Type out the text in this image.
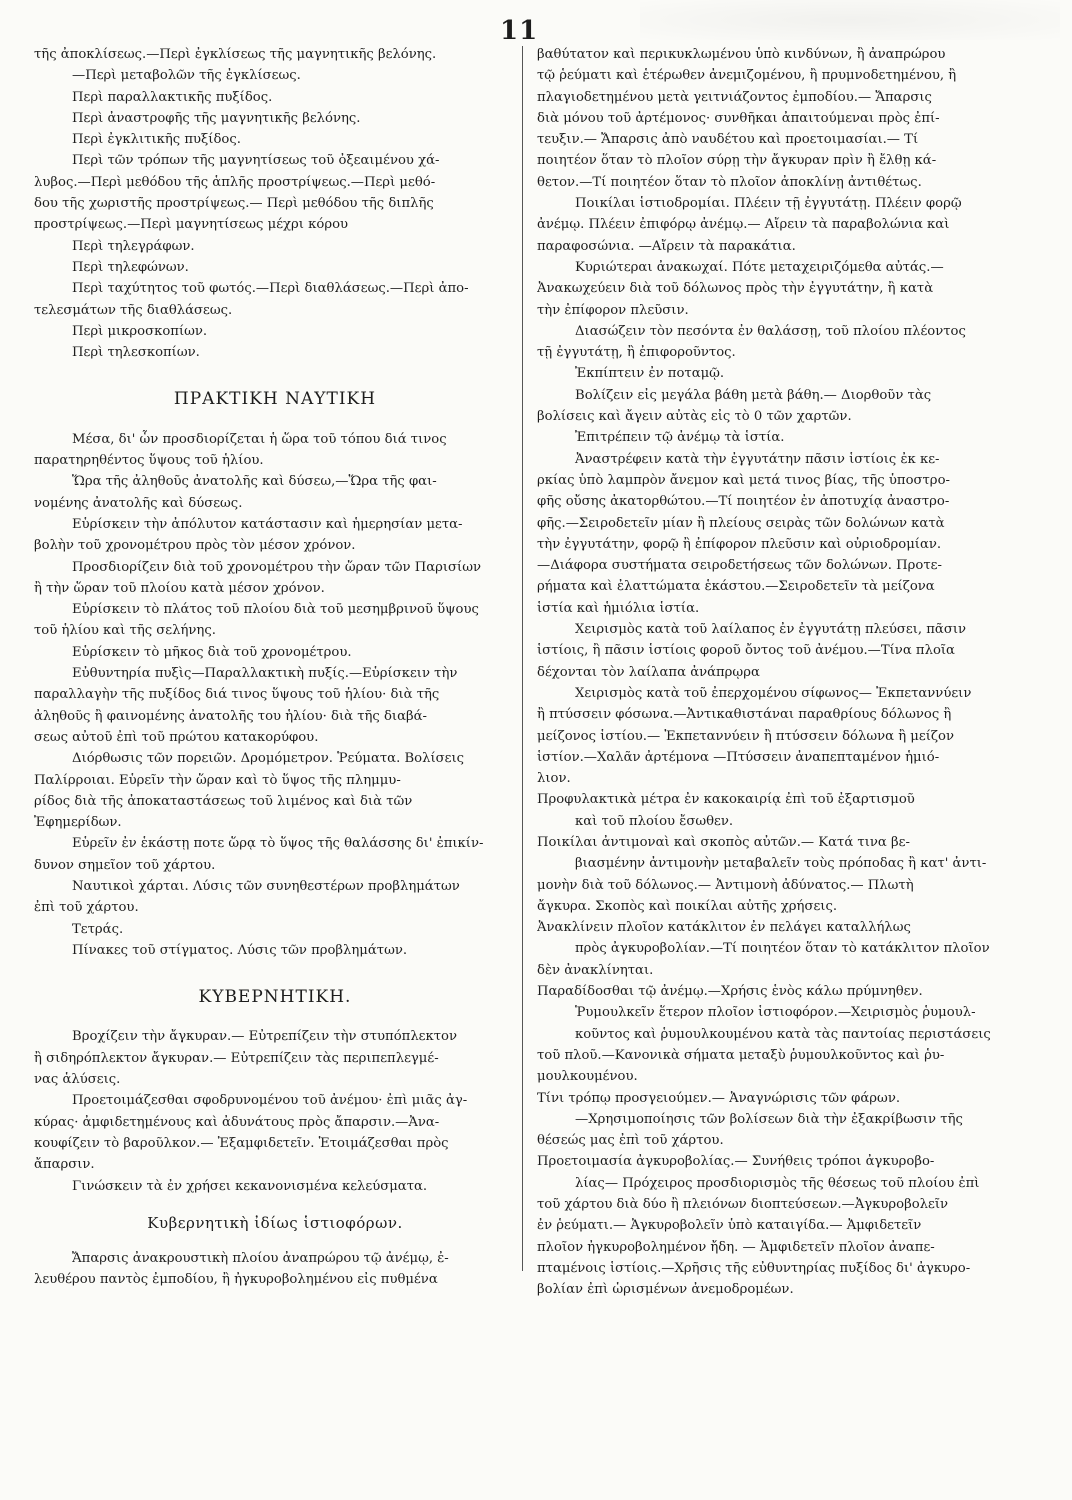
11
τῆς ἀποκλίσεως.—Περὶ ἐγκλίσεως τῆς μαγνητικῆς βελόνης.
—Περὶ μεταβολῶν τῆς ἐγκλίσεως.
Περὶ παραλλακτικῆς πυξίδος.
Περὶ ἀναστροφῆς τῆς μαγνητικῆς βελόνης.
Περὶ ἐγκλιτικῆς πυξίδος.
Περὶ τῶν τρόπων τῆς μαγνητίσεως τοῦ ὀξεαιμένου χά-
λυβος.—Περὶ μεθόδου τῆς ἁπλῆς προστρίψεως.—Περὶ μεθό-
δου τῆς χωριστῆς προστρίψεως.— Περὶ μεθόδου τῆς διπλῆς
προστρίψεως.—Περὶ μαγνητίσεως μέχρι κόρου
Περὶ τηλεγράφων.
Περὶ τηλεφώνων.
Περὶ ταχύτητος τοῦ φωτός.—Περὶ διαθλάσεως.—Περὶ ἀπο-
τελεσμάτων τῆς διαθλάσεως.
Περὶ μικροσκοπίων.
Περὶ τηλεσκοπίων.
ΠΡΑΚΤΙΚΗ ΝΑΥΤΙΚΗ
Μέσα, δι' ὧν προσδιορίζεται ἡ ὥρα τοῦ τόπου διά τινος
παρατηρηθέντος ὕψους τοῦ ἡλίου.
Ὥρα τῆς ἀληθοῦς ἀνατολῆς καὶ δύσεω,—Ὥρα τῆς φαι-
νομένης ἀνατολῆς καὶ δύσεως.
Εὑρίσκειν τὴν ἀπόλυτον κατάστασιν καὶ ἡμερησίαν μετα-
βολὴν τοῦ χρονομέτρου πρὸς τὸν μέσον χρόνον.
Προσδιορίζειν διὰ τοῦ χρονομέτρου τὴν ὥραν τῶν Παρισίων
ἢ τὴν ὥραν τοῦ πλοίου κατὰ μέσον χρόνον.
Εὑρίσκειν τὸ πλάτος τοῦ πλοίου διὰ τοῦ μεσημβρινοῦ ὕψους
τοῦ ἡλίου καὶ τῆς σελήνης.
Εὑρίσκειν τὸ μῆκος διὰ τοῦ χρονομέτρου.
Εὐθυντηρία πυξὶς—Παραλλακτικὴ πυξίς.—Εὑρίσκειν τὴν
παραλλαγὴν τῆς πυξίδος διά τινος ὕψους τοῦ ἡλίου· διὰ τῆς
ἀληθοῦς ἢ φαινομένης ἀνατολῆς του ἡλίου· διὰ τῆς διαβά-
σεως αὐτοῦ ἐπὶ τοῦ πρώτου κατακορύφου.
Διόρθωσις τῶν πορειῶν. Δρομόμετρον. Ῥεύματα. Βολίσεις
Παλίρροιαι. Εὑρεῖν τὴν ὥραν καὶ τὸ ὕψος τῆς πλημμυ-
ρίδος διὰ τῆς ἀποκαταστάσεως τοῦ λιμένος καὶ διὰ τῶν
Ἐφημερίδων.
Εὑρεῖν ἐν ἑκάστῃ ποτε ὥρᾳ τὸ ὕψος τῆς θαλάσσης δι' ἐπικίν-
δυνον σημεῖον τοῦ χάρτου.
Ναυτικοὶ χάρται. Λύσις τῶν συνηθεστέρων προβλημάτων
ἐπὶ τοῦ χάρτου.
Τετράς.
Πίνακες τοῦ στίγματος. Λύσις τῶν προβλημάτων.
ΚΥΒΕΡΝΗΤΙΚΗ.
Βροχίζειν τὴν ἄγκυραν.— Εὐτρεπίζειν τὴν στυπόπλεκτον
ἢ σιδηρόπλεκτον ἄγκυραν.— Εὐτρεπίζειν τὰς περιπεπλεγμέ-
νας ἁλύσεις.
Προετοιμάζεσθαι σφοδρυνομένου τοῦ ἀνέμου· ἐπὶ μιᾶς ἀγ-
κύρας· ἀμφιδετημένους καὶ ἀδυνάτους πρὸς ἄπαρσιν.—Ἀνα-
κουφίζειν τὸ βαροῦλκον.— Ἐξαμφιδετεῖν. Ἑτοιμάζεσθαι πρὸς
ἄπαρσιν.
Γινώσκειν τὰ ἐν χρήσει κεκανονισμένα κελεύσματα.
Κυβερνητικὴ ἰδίως ἱστιοφόρων.
Ἄπαρσις ἀνακρουστικὴ πλοίου ἀναπρώρου τῷ ἀνέμῳ, ἐ-
λευθέρου παντὸς ἐμποδίου, ἢ ἠγκυροβολημένου εἰς πυθμένα
βαθύτατον καὶ περικυκλωμένου ὑπὸ κινδύνων, ἢ ἀναπρώρου
τῷ ῥεύματι καὶ ἑτέρωθεν ἀνεμιζομένου, ἢ πρυμνοδετημένου, ἢ
πλαγιοδετημένου μετὰ γειτνιάζοντος ἐμποδίου.— Ἄπαρσις
διὰ μόνου τοῦ ἀρτέμονος· συνθῆκαι ἀπαιτούμεναι πρὸς ἐπί-
τευξιν.— Ἄπαρσις ἀπὸ ναυδέτου καὶ προετοιμασίαι.— Τί
ποιητέον ὅταν τὸ πλοῖον σύρῃ τὴν ἄγκυραν πρὶν ἢ ἔλθῃ κά-
θετον.—Τί ποιητέον ὅταν τὸ πλοῖον ἀποκλίνῃ ἀντιθέτως.
Ποικίλαι ἱστιοδρομίαι. Πλέειν τῇ ἐγγυτάτῃ. Πλέειν φορῷ
ἀνέμῳ. Πλέειν ἐπιφόρῳ ἀνέμῳ.— Αἴρειν τὰ παραβολώνια καὶ
παραφοσώνια. —Αἴρειν τὰ παρακάτια.
Κυριώτεραι ἀνακωχαί. Πότε μεταχειριζόμεθα αὐτάς.—
Ἀνακωχεύειν διὰ τοῦ δόλωνος πρὸς τὴν ἐγγυτάτην, ἢ κατὰ
τὴν ἐπίφορον πλεῦσιν.
Διασώζειν τὸν πεσόντα ἐν θαλάσσῃ, τοῦ πλοίου πλέοντος
τῇ ἐγγυτάτῃ, ἢ ἐπιφοροῦντος.
Ἐκπίπτειν ἐν ποταμῷ.
Βολίζειν εἰς μεγάλα βάθη μετὰ βάθη.— Διορθοῦν τὰς
βολίσεις καὶ ἄγειν αὐτὰς εἰς τὸ 0 τῶν χαρτῶν.
Ἐπιτρέπειν τῷ ἀνέμῳ τὰ ἱστία.
Ἀναστρέφειν κατὰ τὴν ἐγγυτάτην πᾶσιν ἱστίοις ἐκ κε-
ρκίας ὑπὸ λαμπρὸν ἄνεμον καὶ μετά τινος βίας, τῆς ὑποστρο-
φῆς οὔσης ἀκατορθώτου.—Τί ποιητέον ἐν ἀποτυχίᾳ ἀναστρο-
φῆς.—Σειροδετεῖν μίαν ἢ πλείους σειρὰς τῶν δολώνων κατὰ
τὴν ἐγγυτάτην, φορῷ ἢ ἐπίφορον πλεῦσιν καὶ οὐριοδρομίαν.
—Διάφορα συστήματα σειροδετήσεως τῶν δολώνων. Προτε-
ρήματα καὶ ἐλαττώματα ἑκάστου.—Σειροδετεῖν τὰ μείζονα
ἱστία καὶ ἡμιόλια ἱστία.
Χειρισμὸς κατὰ τοῦ λαίλαπος ἐν ἐγγυτάτῃ πλεύσει, πᾶσιν
ἱστίοις, ἢ πᾶσιν ἱστίοις φοροῦ ὄντος τοῦ ἀνέμου.—Τίνα πλοῖα
δέχονται τὸν λαίλαπα ἀνάπρῳρα
Χειρισμὸς κατὰ τοῦ ἐπερχομένου σίφωνος— Ἐκπεταννύειν
ἢ πτύσσειν φόσωνα.—Ἀντικαθιστάναι παραθρίους δόλωνος ἢ
μείζονος ἱστίου.— Ἐκπεταννύειν ἢ πτύσσειν δόλωνα ἢ μείζον
ἱστίον.—Χαλᾶν ἀρτέμονα —Πτύσσειν ἀναπεπταμένον ἡμιό-
λιον.
Προφυλακτικὰ μέτρα ἐν κακοκαιρίᾳ ἐπὶ τοῦ ἐξαρτισμοῦ
καὶ τοῦ πλοίου ἔσωθεν.
Ποικίλαι ἀντιμοναὶ καὶ σκοπὸς αὐτῶν.— Κατά τινα βε-
βιασμένην ἀντιμονὴν μεταβαλεῖν τοὺς πρόποδας ἢ κατ' ἀντι-
μονὴν διὰ τοῦ δόλωνος.— Ἀντιμονὴ ἀδύνατος.— Πλωτὴ
ἄγκυρα. Σκοπὸς καὶ ποικίλαι αὐτῆς χρήσεις.
Ἀνακλίνειν πλοῖον κατάκλιτον ἐν πελάγει καταλλήλως
πρὸς ἀγκυροβολίαν.—Τί ποιητέον ὅταν τὸ κατάκλιτον πλοῖον
δὲν ἀνακλίνηται.
Παραδίδοσθαι τῷ ἀνέμῳ.—Χρήσις ἑνὸς κάλω πρύμνηθεν.
Ῥυμουλκεῖν ἕτερον πλοῖον ἱστιοφόρον.—Χειρισμὸς ῥυμουλ-
κοῦντος καὶ ῥυμουλκουμένου κατὰ τὰς παντοίας περιστάσεις
τοῦ πλοῦ.—Κανονικὰ σήματα μεταξὺ ῥυμουλκοῦντος καὶ ῥυ-
μουλκουμένου.
Τίνι τρόπῳ προσγειούμεν.— Ἀναγνώρισις τῶν φάρων.
—Χρησιμοποίησις τῶν βολίσεων διὰ τὴν ἐξακρίβωσιν τῆς
θέσεώς μας ἐπὶ τοῦ χάρτου.
Προετοιμασία ἀγκυροβολίας.— Συνήθεις τρόποι ἀγκυροβο-
λίας— Πρόχειρος προσδιορισμὸς τῆς θέσεως τοῦ πλοίου ἐπὶ
τοῦ χάρτου διὰ δύο ἢ πλειόνων διοπτεύσεων.—Ἀγκυροβολεῖν
ἐν ῥεύματι.— Ἀγκυροβολεῖν ὑπὸ καταιγίδα.— Ἀμφιδετεῖν
πλοῖον ἠγκυροβολημένον ἤδη. — Ἀμφιδετεῖν πλοῖον ἀναπε-
πταμένοις ἱστίοις.—Χρῆσις τῆς εὐθυντηρίας πυξίδος δι' ἀγκυρο-
βολίαν ἐπὶ ὡρισμένων ἀνεμοδρομέων.
